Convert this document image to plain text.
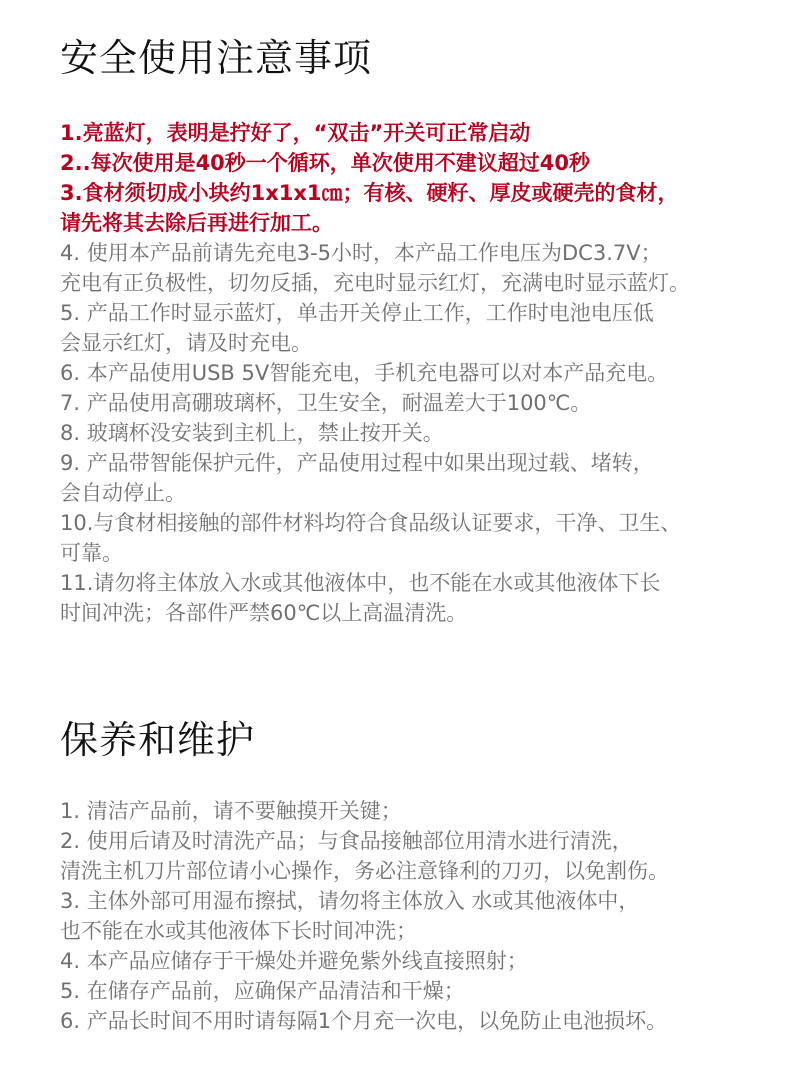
安全使用注意事项
1.亮蓝灯，表明是拧好了，“双击”开关可正常启动
2..每次使用是40秒一个循环，单次使用不建议超过40秒
3.食材须切成小块约1x1x1㎝；有核、硬籽、厚皮或硬壳的食材，
请先将其去除后再进行加工。
4. 使用本产品前请先充电3-5小时，本产品工作电压为DC3.7V；
充电有正负极性，切勿反插，充电时显示红灯，充满电时显示蓝灯。
5. 产品工作时显示蓝灯，单击开关停止工作，工作时电池电压低
会显示红灯，请及时充电。
6. 本产品使用USB 5V智能充电，手机充电器可以对本产品充电。
7. 产品使用高硼玻璃杯，卫生安全，耐温差大于100℃。
8. 玻璃杯没安装到主机上，禁止按开关。
9. 产品带智能保护元件，产品使用过程中如果出现过载、堵转，
会自动停止。
10.与食材相接触的部件材料均符合食品级认证要求，干净、卫生、
可靠。
11.请勿将主体放入水或其他液体中，也不能在水或其他液体下长
时间冲洗；各部件严禁60℃以上高温清洗。
保养和维护
1. 清洁产品前，请不要触摸开关键；
2. 使用后请及时清洗产品；与食品接触部位用清水进行清洗，
清洗主机刀片部位请小心操作，务必注意锋利的刀刃，以免割伤。
3. 主体外部可用湿布擦拭，请勿将主体放入 水或其他液体中，
也不能在水或其他液体下长时间冲洗；
4. 本产品应储存于干燥处并避免紫外线直接照射；
5. 在储存产品前，应确保产品清洁和干燥；
6. 产品长时间不用时请每隔1个月充一次电，以免防止电池损坏。
